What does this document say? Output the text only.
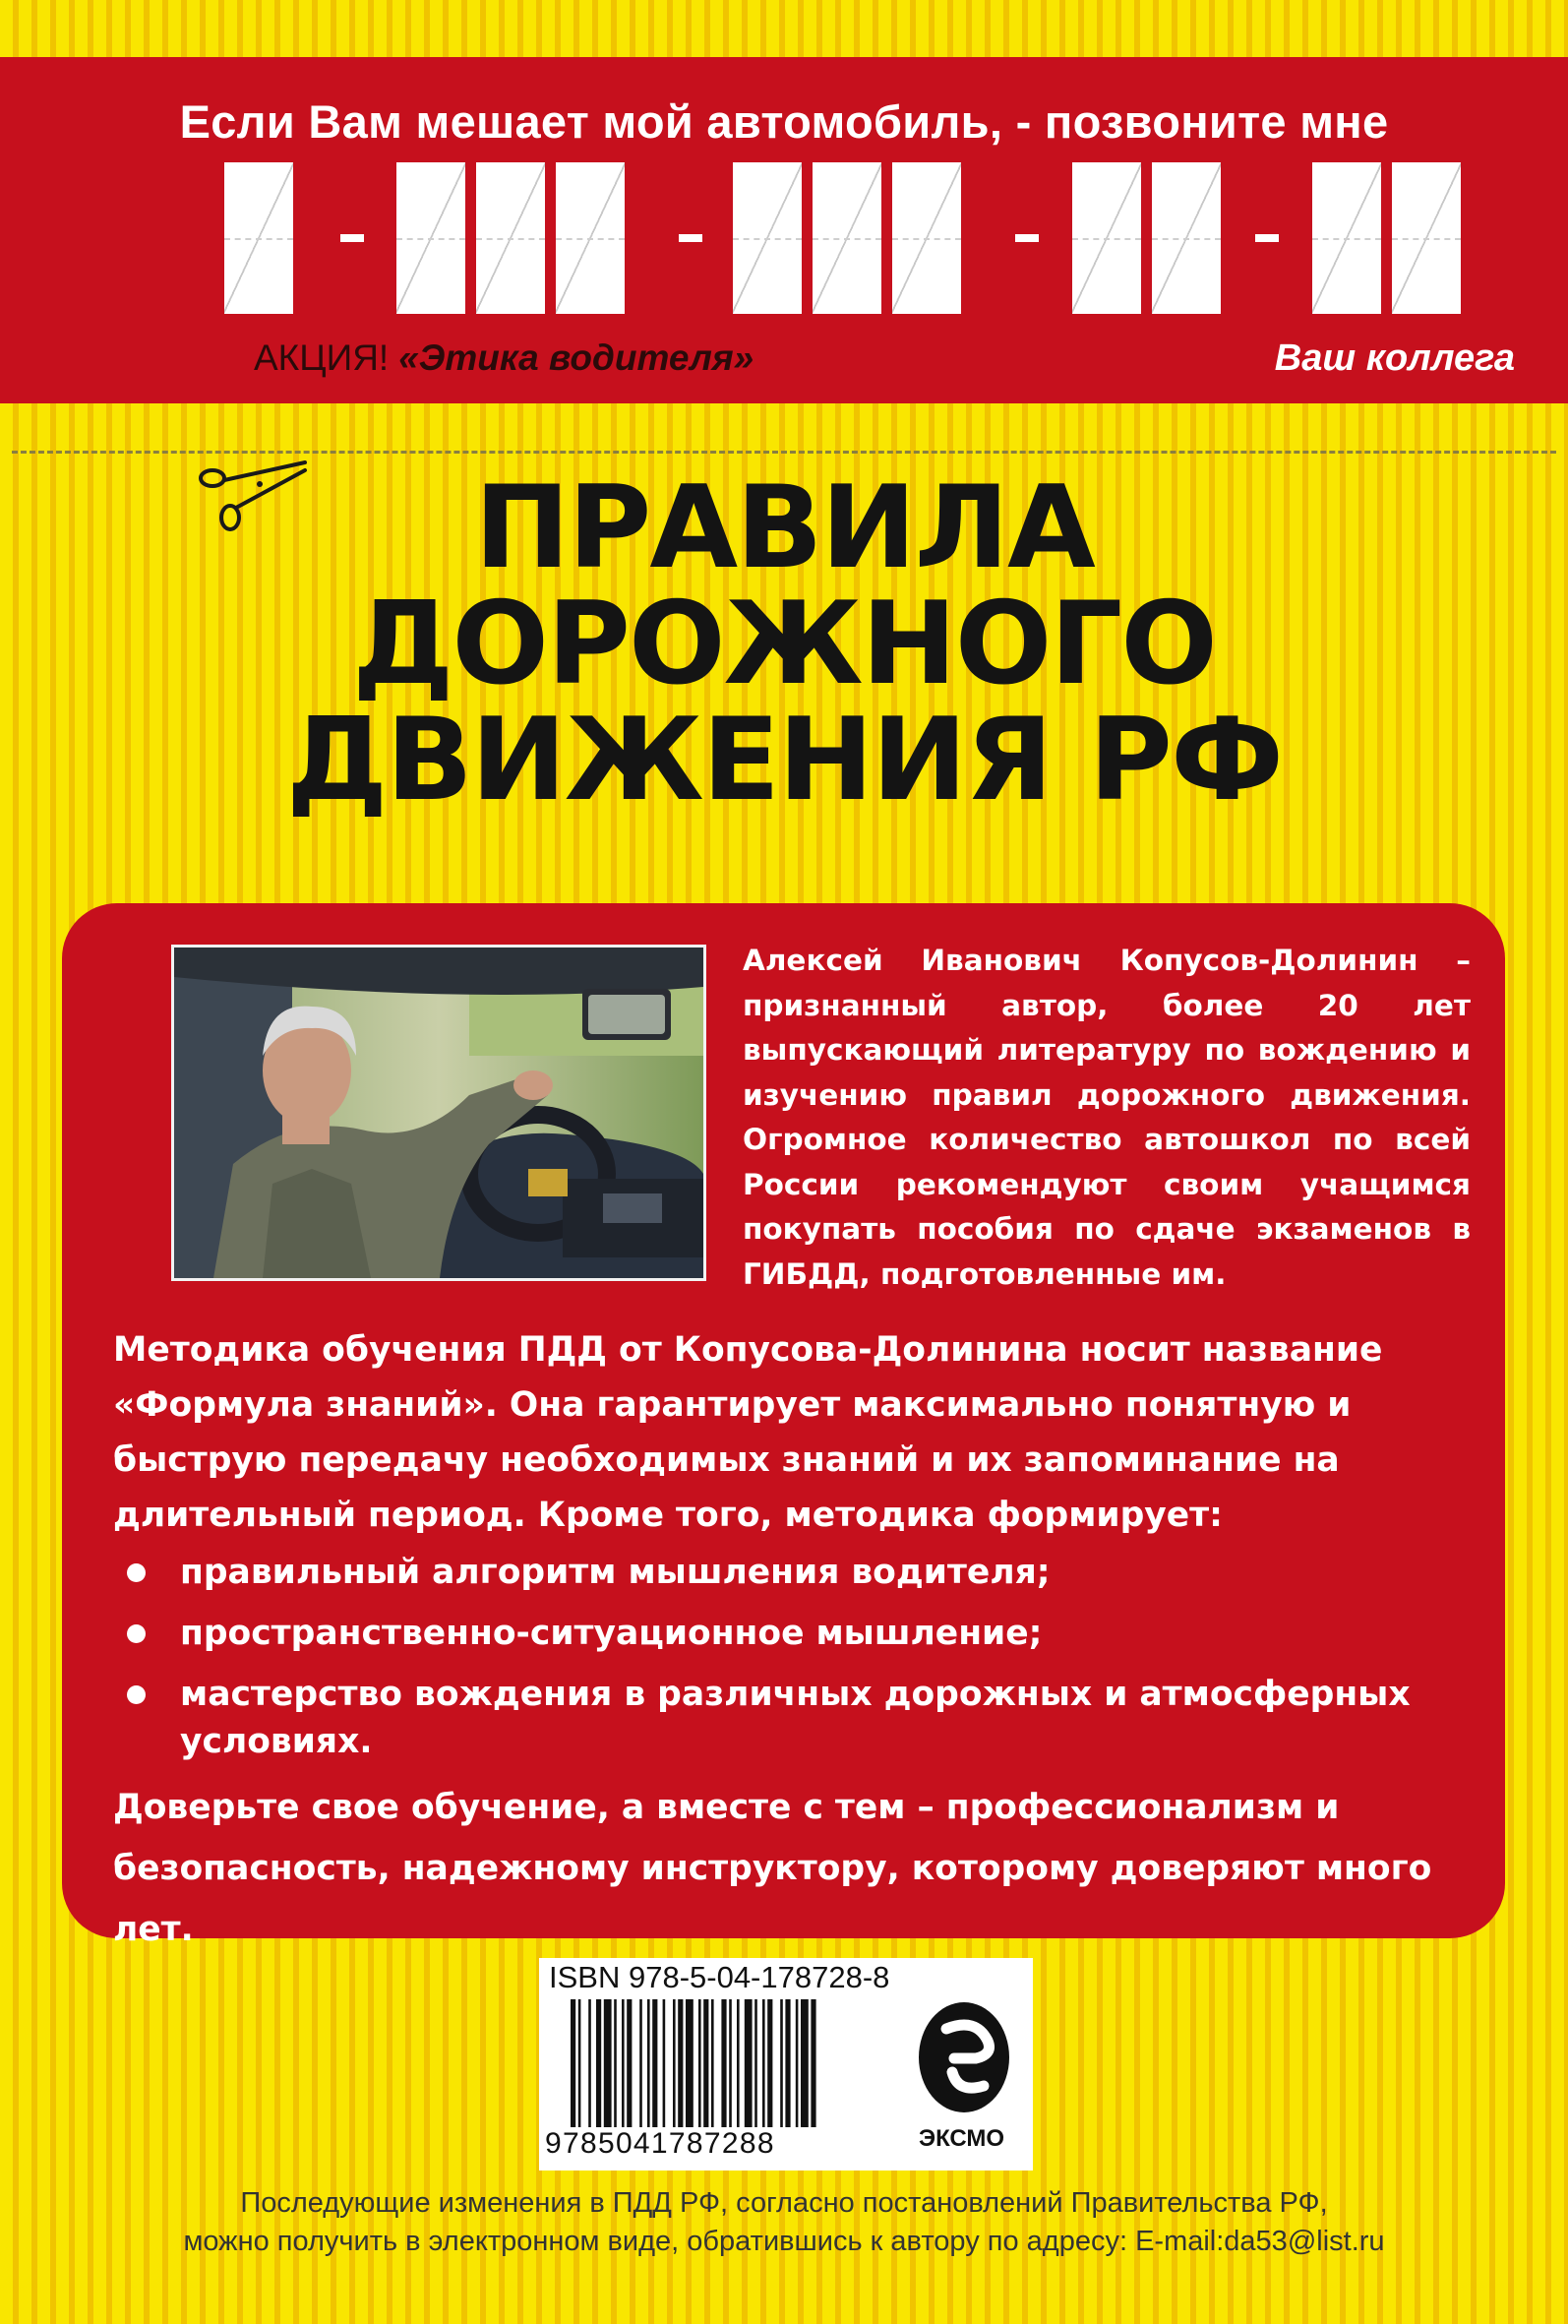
Если Вам мешает мой автомобиль, - позвоните мне
АКЦИЯ! «Этика водителя»	Ваш коллега
ПРАВИЛА
ДОРОЖНОГО
ДВИЖЕНИЯ РФ
Алексей Иванович Копусов-Долинин – признанный автор, более 20 лет выпускающий литературу по вождению и изучению правил дорожного движения. Огромное количество автошкол по всей России рекомендуют своим учащимся покупать пособия по сдаче экзаменов в ГИБДД, подготовленные им.
Методика обучения ПДД от Копусова-Долинина носит название «Формула знаний». Она гарантирует максимально понятную и быструю передачу необходимых знаний и их запоминание на длительный период. Кроме того, методика формирует:
правильный алгоритм мышления водителя;
пространственно-ситуационное мышление;
мастерство вождения в различных дорожных и атмосферных условиях.
Доверьте свое обучение, а вместе с тем – профессионализм и безопасность, надежному инструктору, которому доверяют много лет.
ISBN 978-5-04-178728-8
9785041787288	ЭКСМО
Последующие изменения в ПДД РФ, согласно постановлений Правительства РФ,
можно получить в электронном виде, обратившись к автору по адресу: E-mail:da53@list.ru
